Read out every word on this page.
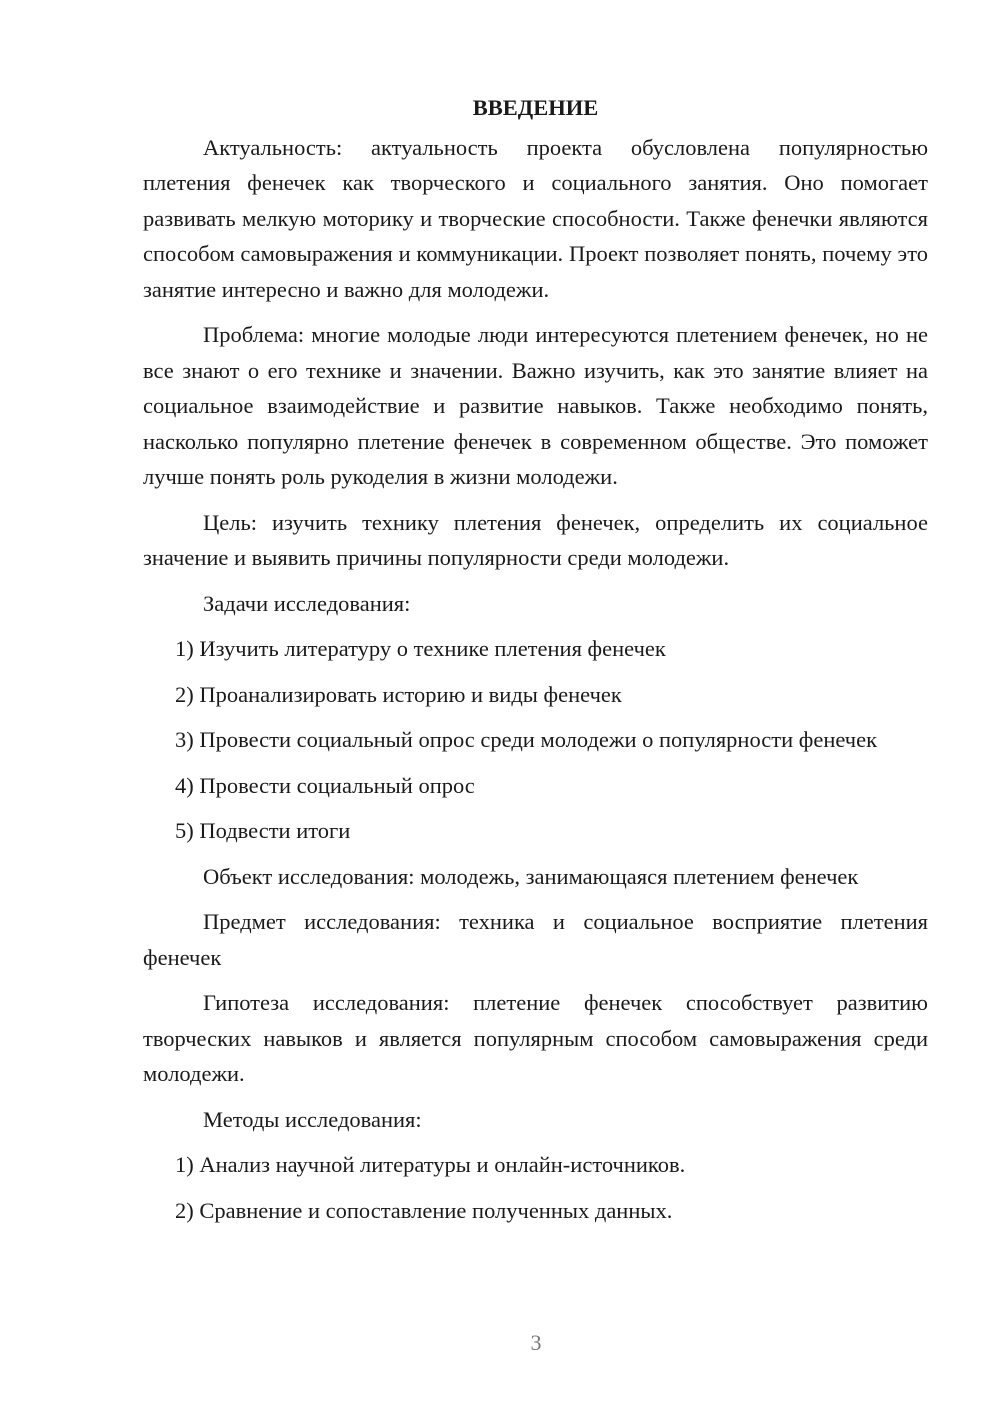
ВВЕДЕНИЕ

Актуальность: актуальность проекта обусловлена популярностью плетения фенечек как творческого и социального занятия. Оно помогает развивать мелкую моторику и творческие способности. Также фенечки являются способом самовыражения и коммуникации. Проект позволяет понять, почему это занятие интересно и важно для молодежи.

Проблема: многие молодые люди интересуются плетением фенечек, но не все знают о его технике и значении. Важно изучить, как это занятие влияет на социальное взаимодействие и развитие навыков. Также необходимо понять, насколько популярно плетение фенечек в современном обществе. Это поможет лучше понять роль рукоделия в жизни молодежи.

Цель: изучить технику плетения фенечек, определить их социальное значение и выявить причины популярности среди молодежи.

Задачи исследования:

1) Изучить литературу о технике плетения фенечек

2) Проанализировать историю и виды фенечек

3) Провести социальный опрос среди молодежи о популярности фенечек

4) Провести социальный опрос

5) Подвести итоги

Объект исследования: молодежь, занимающаяся плетением фенечек

Предмет исследования: техника и социальное восприятие плетения фенечек

Гипотеза исследования: плетение фенечек способствует развитию творческих навыков и является популярным способом самовыражения среди молодежи.

Методы исследования:

1) Анализ научной литературы и онлайн-источников.

2) Сравнение и сопоставление полученных данных.

3
